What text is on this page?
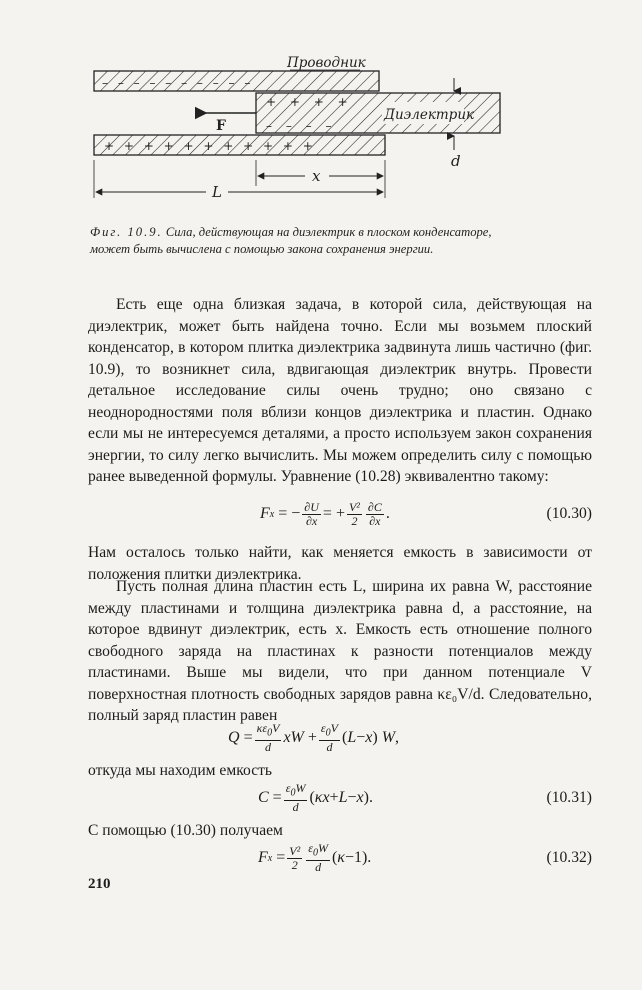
– – – – – – – – – –
Проводник
Диэлектрик
+ + + +
– – – –
+ + + + + + + + + + +
F
d
x
L
Фиг. 10.9. Сила, действующая на диэлектрик в плоском конденсаторе, может быть вычислена с помощью закона сохранения энергии.
Есть еще одна близкая задача, в которой сила, действующая на диэлектрик, может быть найдена точно. Если мы возьмем плоский конденсатор, в котором плитка диэлектрика задвинута лишь частично (фиг. 10.9), то возникнет сила, вдвигающая диэлектрик внутрь. Провести детальное исследование силы очень трудно; оно связано с неоднородностями поля вблизи концов диэлектрика и пластин. Однако если мы не интересуемся деталями, а просто используем закон сохранения энергии, то силу легко вычислить. Мы можем определить силу с помощью ранее выведенной формулы. Уравнение (10.28) эквивалентно такому:
F x
=
− $\frac{\partial U}{\partial x}$ =
+ $\frac{\text{V²}}{2} \frac{\partial C}{\partial x}$ .	(10.30)
Нам осталось только найти, как меняется емкость в зависимости от положения плитки диэлектрика.
Пусть полная длина пластин есть L, ширина их равна W, расстояние между пластинами и толщина диэлектрика равна d, а расстояние, на которое вдвинут диэлектрик, есть x. Емкость есть отношение полного свободного заряда на пластинах к разности потенциалов между пластинами. Выше мы видели, что при данном потенциале V поверхностная плотность свободных зарядов равна κε₀V/d. Следовательно, полный заряд пластин равен
$Q = \frac{\kappa\varepsilon_0V}{d}$ xW + $\frac{\varepsilon_0V}{d}$ ( L − x ) W ,
откуда мы находим емкость
$C = \frac{\varepsilon_0W}{d}$ ( κx + L − x ).	(10.31)
С помощью (10.30) получаем
F x
= $\frac{\text{V²}}{2} \frac{\varepsilon_0W}{d}$ ( κ −1).	(10.32)
210
